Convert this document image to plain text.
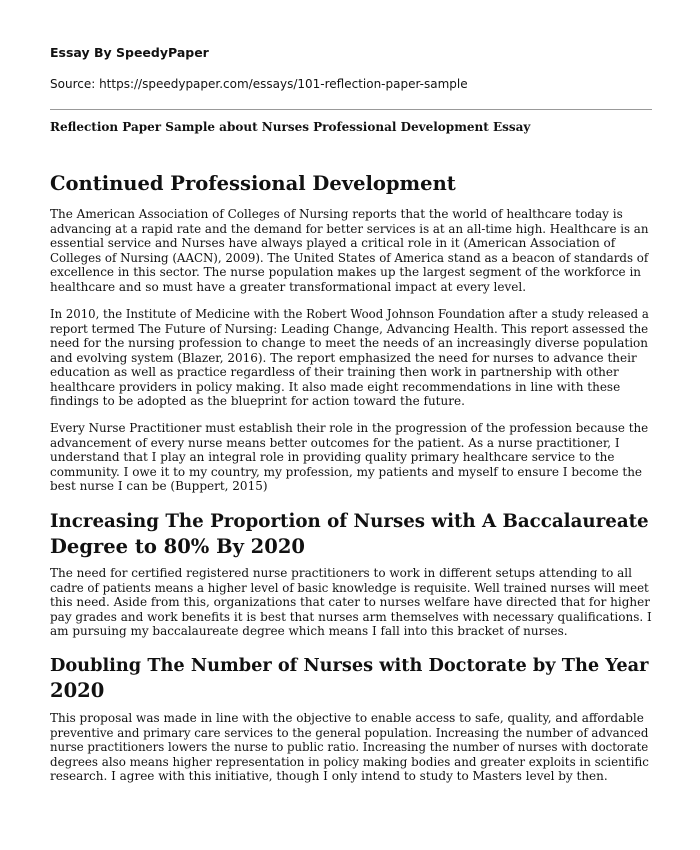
Essay By SpeedyPaper
Source: https://speedypaper.com/essays/101-reflection-paper-sample
Reflection Paper Sample about Nurses Professional Development Essay
Continued Professional Development
The American Association of Colleges of Nursing reports that the world of healthcare today is
advancing at a rapid rate and the demand for better services is at an all-time high. Healthcare is an
essential service and Nurses have always played a critical role in it (American Association of
Colleges of Nursing (AACN), 2009). The United States of America stand as a beacon of standards of
excellence in this sector. The nurse population makes up the largest segment of the workforce in
healthcare and so must have a greater transformational impact at every level.
In 2010, the Institute of Medicine with the Robert Wood Johnson Foundation after a study released a
report termed The Future of Nursing: Leading Change, Advancing Health. This report assessed the
need for the nursing profession to change to meet the needs of an increasingly diverse population
and evolving system (Blazer, 2016). The report emphasized the need for nurses to advance their
education as well as practice regardless of their training then work in partnership with other
healthcare providers in policy making. It also made eight recommendations in line with these
findings to be adopted as the blueprint for action toward the future.
Every Nurse Practitioner must establish their role in the progression of the profession because the
advancement of every nurse means better outcomes for the patient. As a nurse practitioner, I
understand that I play an integral role in providing quality primary healthcare service to the
community. I owe it to my country, my profession, my patients and myself to ensure I become the
best nurse I can be (Buppert, 2015)
Increasing The Proportion of Nurses with A Baccalaureate
Degree to 80% By 2020
The need for certified registered nurse practitioners to work in different setups attending to all
cadre of patients means a higher level of basic knowledge is requisite. Well trained nurses will meet
this need. Aside from this, organizations that cater to nurses welfare have directed that for higher
pay grades and work benefits it is best that nurses arm themselves with necessary qualifications. I
am pursuing my baccalaureate degree which means I fall into this bracket of nurses.
Doubling The Number of Nurses with Doctorate by The Year
2020
This proposal was made in line with the objective to enable access to safe, quality, and affordable
preventive and primary care services to the general population. Increasing the number of advanced
nurse practitioners lowers the nurse to public ratio. Increasing the number of nurses with doctorate
degrees also means higher representation in policy making bodies and greater exploits in scientific
research. I agree with this initiative, though I only intend to study to Masters level by then.
